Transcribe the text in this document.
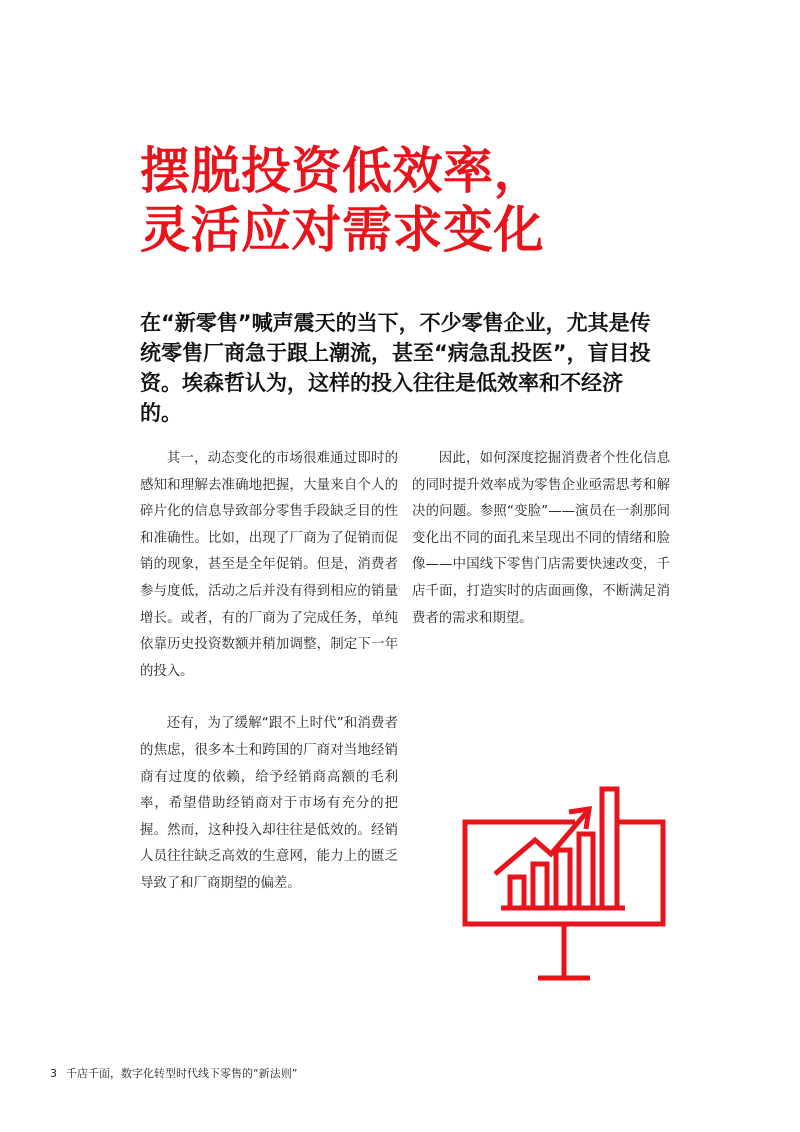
摆脱投资低效率，
灵活应对需求变化

在“新零售”喊声震天的当下，不少零售企业，尤其是传统零售厂商急于跟上潮流，甚至“病急乱投医”，盲目投资。埃森哲认为，这样的投入往往是低效率和不经济的。

其一，动态变化的市场很难通过即时的感知和理解去准确地把握，大量来自个人的碎片化的信息导致部分零售手段缺乏目的性和准确性。比如，出现了厂商为了促销而促销的现象，甚至是全年促销。但是，消费者参与度低，活动之后并没有得到相应的销量增长。或者，有的厂商为了完成任务，单纯依靠历史投资数额并稍加调整，制定下一年的投入。

还有，为了缓解“跟不上时代”和消费者的焦虑，很多本土和跨国的厂商对当地经销商有过度的依赖，给予经销商高额的毛利率，希望借助经销商对于市场有充分的把握。然而，这种投入却往往是低效的。经销人员往往缺乏高效的生意网，能力上的匮乏导致了和厂商期望的偏差。

因此，如何深度挖掘消费者个性化信息的同时提升效率成为零售企业亟需思考和解决的问题。参照“变脸”——演员在一刹那间变化出不同的面孔来呈现出不同的情绪和脸像——中国线下零售门店需要快速改变，千店千面，打造实时的店面画像，不断满足消费者的需求和期望。

3 千店千面，数字化转型时代线下零售的“新法则”
